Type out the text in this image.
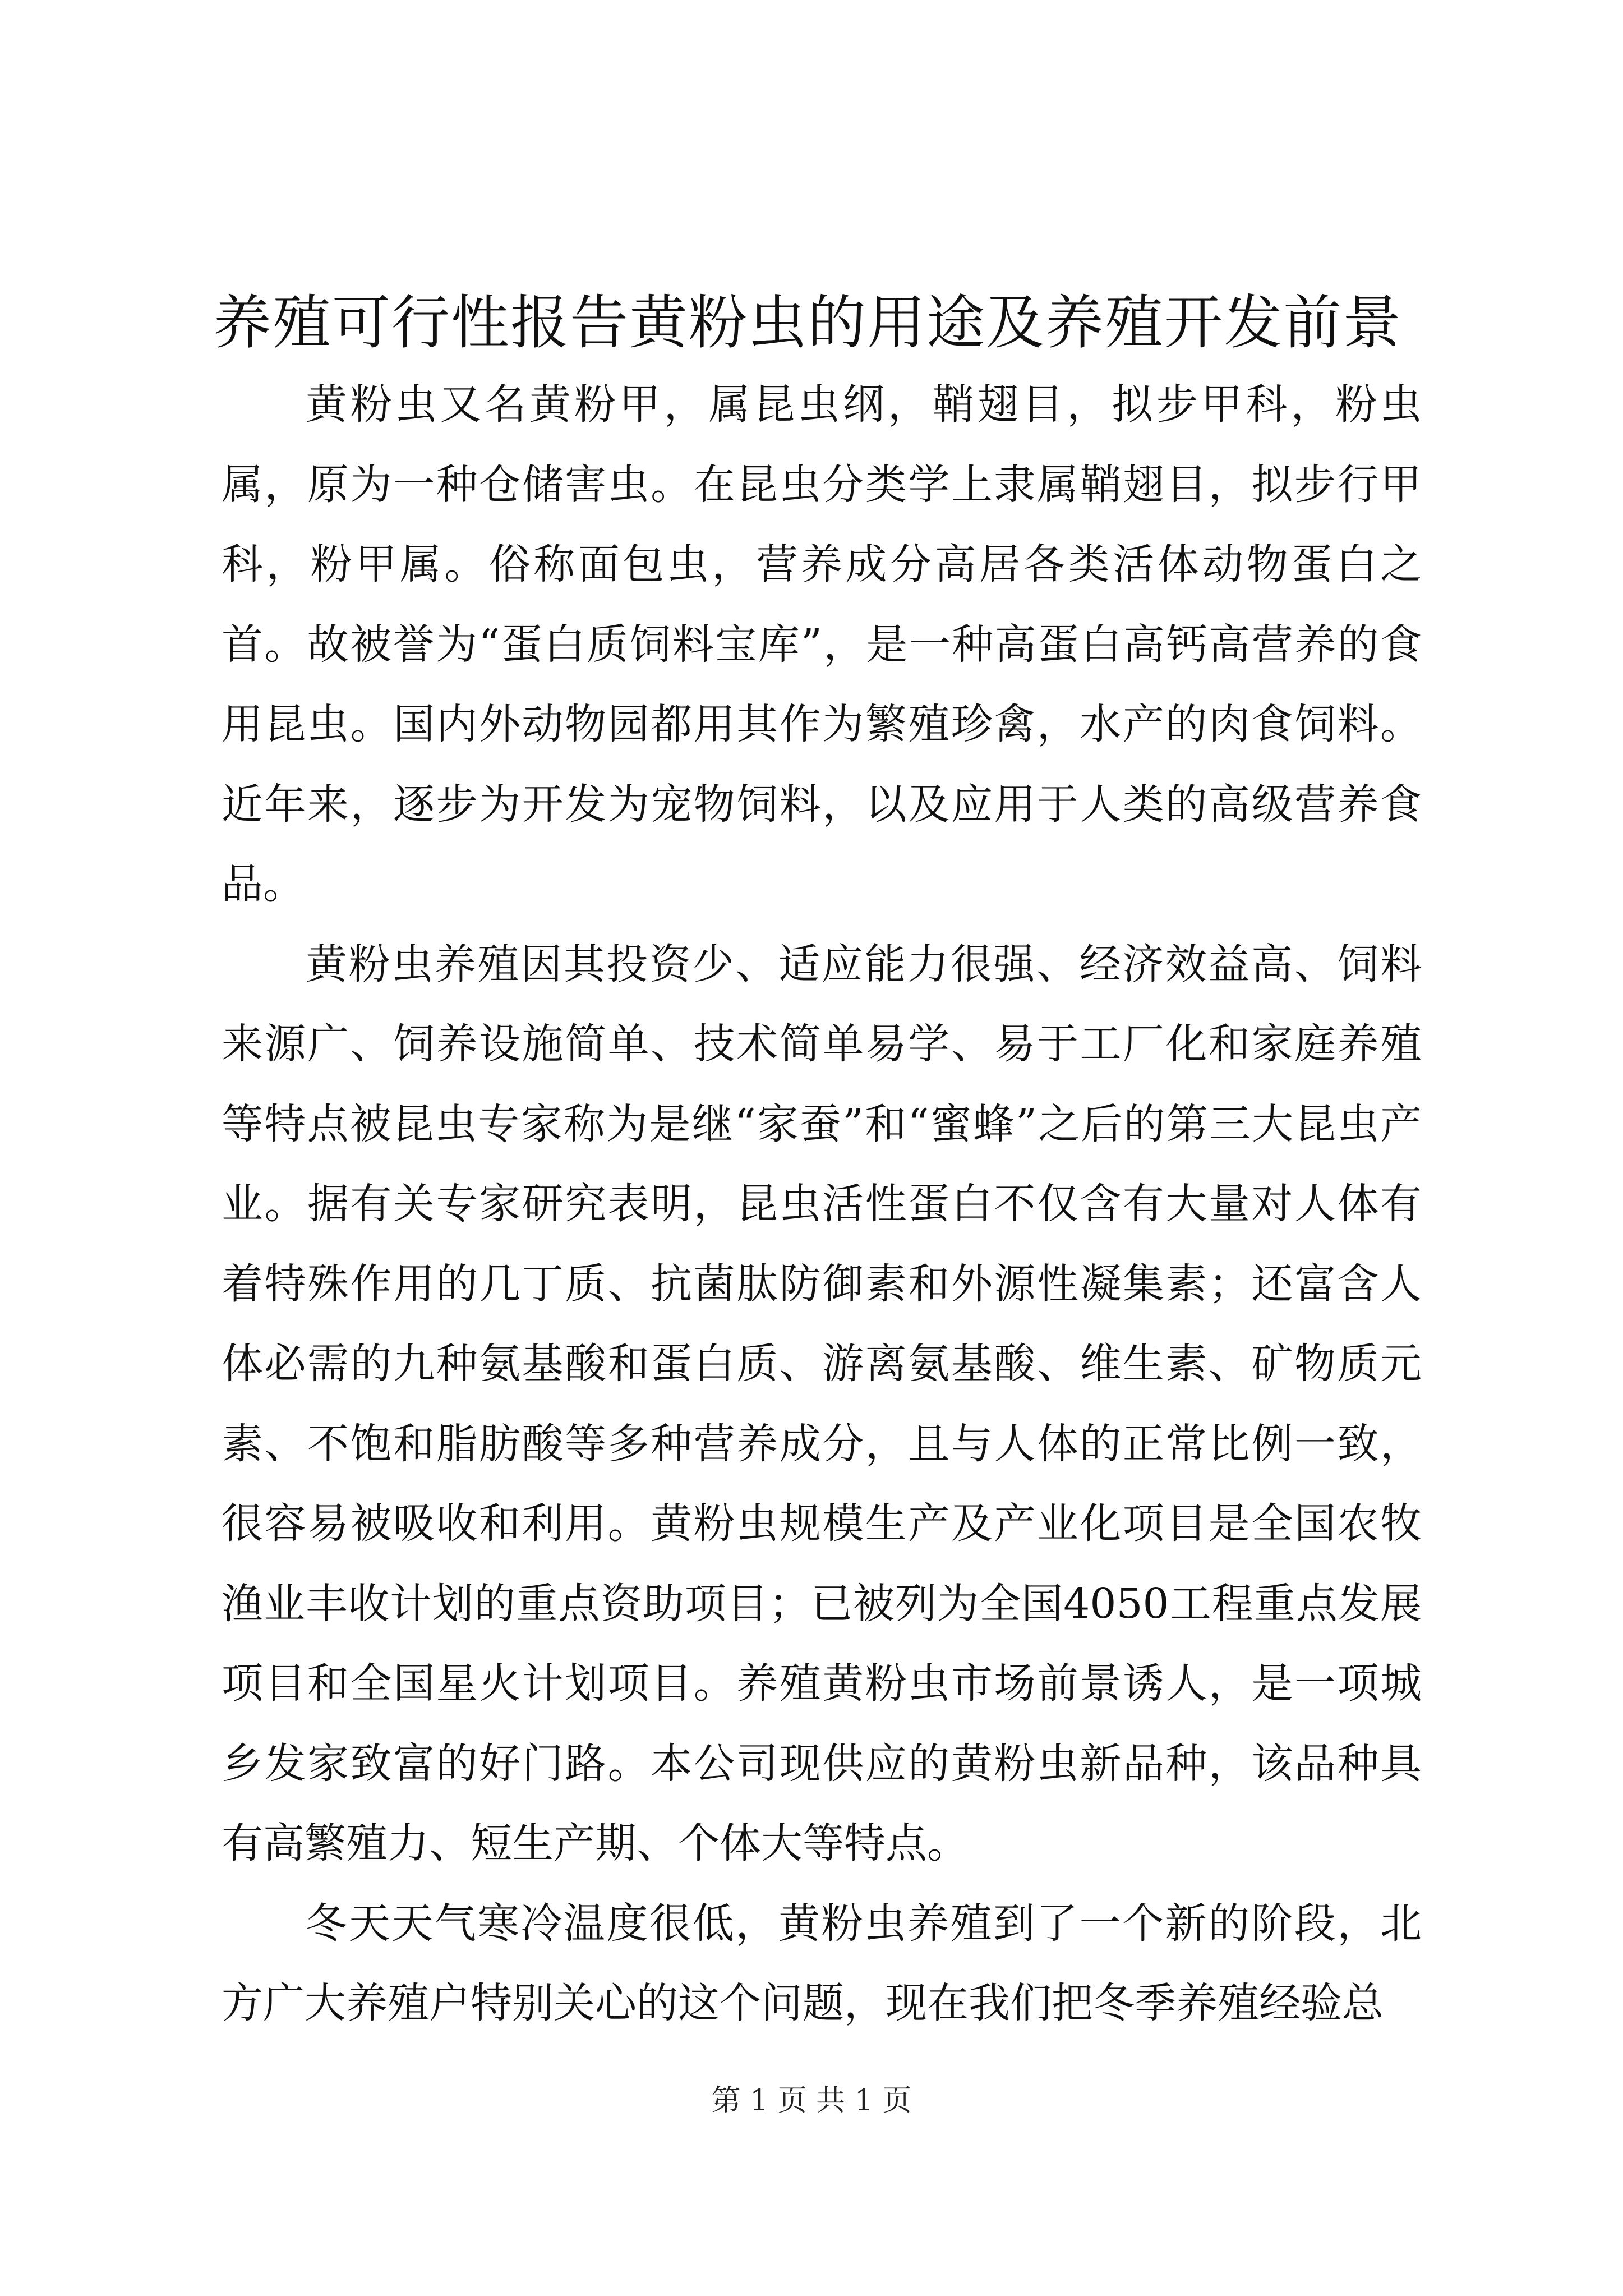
养殖可行性报告黄粉虫的用途及养殖开发前景

黄粉虫又名黄粉甲，属昆虫纲，鞘翅目，拟步甲科，粉虫属，原为一种仓储害虫。在昆虫分类学上隶属鞘翅目，拟步行甲科，粉甲属。俗称面包虫，营养成分高居各类活体动物蛋白之首。故被誉为“蛋白质饲料宝库”，是一种高蛋白高钙高营养的食用昆虫。国内外动物园都用其作为繁殖珍禽，水产的肉食饲料。近年来，逐步为开发为宠物饲料，以及应用于人类的高级营养食品。

黄粉虫养殖因其投资少、适应能力很强、经济效益高、饲料来源广、饲养设施简单、技术简单易学、易于工厂化和家庭养殖等特点被昆虫专家称为是继“家蚕”和“蜜蜂”之后的第三大昆虫产业。据有关专家研究表明，昆虫活性蛋白不仅含有大量对人体有着特殊作用的几丁质、抗菌肽防御素和外源性凝集素；还富含人体必需的九种氨基酸和蛋白质、游离氨基酸、维生素、矿物质元素、不饱和脂肪酸等多种营养成分，且与人体的正常比例一致，很容易被吸收和利用。黄粉虫规模生产及产业化项目是全国农牧渔业丰收计划的重点资助项目；已被列为全国4050工程重点发展项目和全国星火计划项目。养殖黄粉虫市场前景诱人，是一项城乡发家致富的好门路。本公司现供应的黄粉虫新品种，该品种具有高繁殖力、短生产期、个体大等特点。

冬天天气寒冷温度很低，黄粉虫养殖到了一个新的阶段，北方广大养殖户特别关心的这个问题，现在我们把冬季养殖经验总

第 1 页 共 1 页
